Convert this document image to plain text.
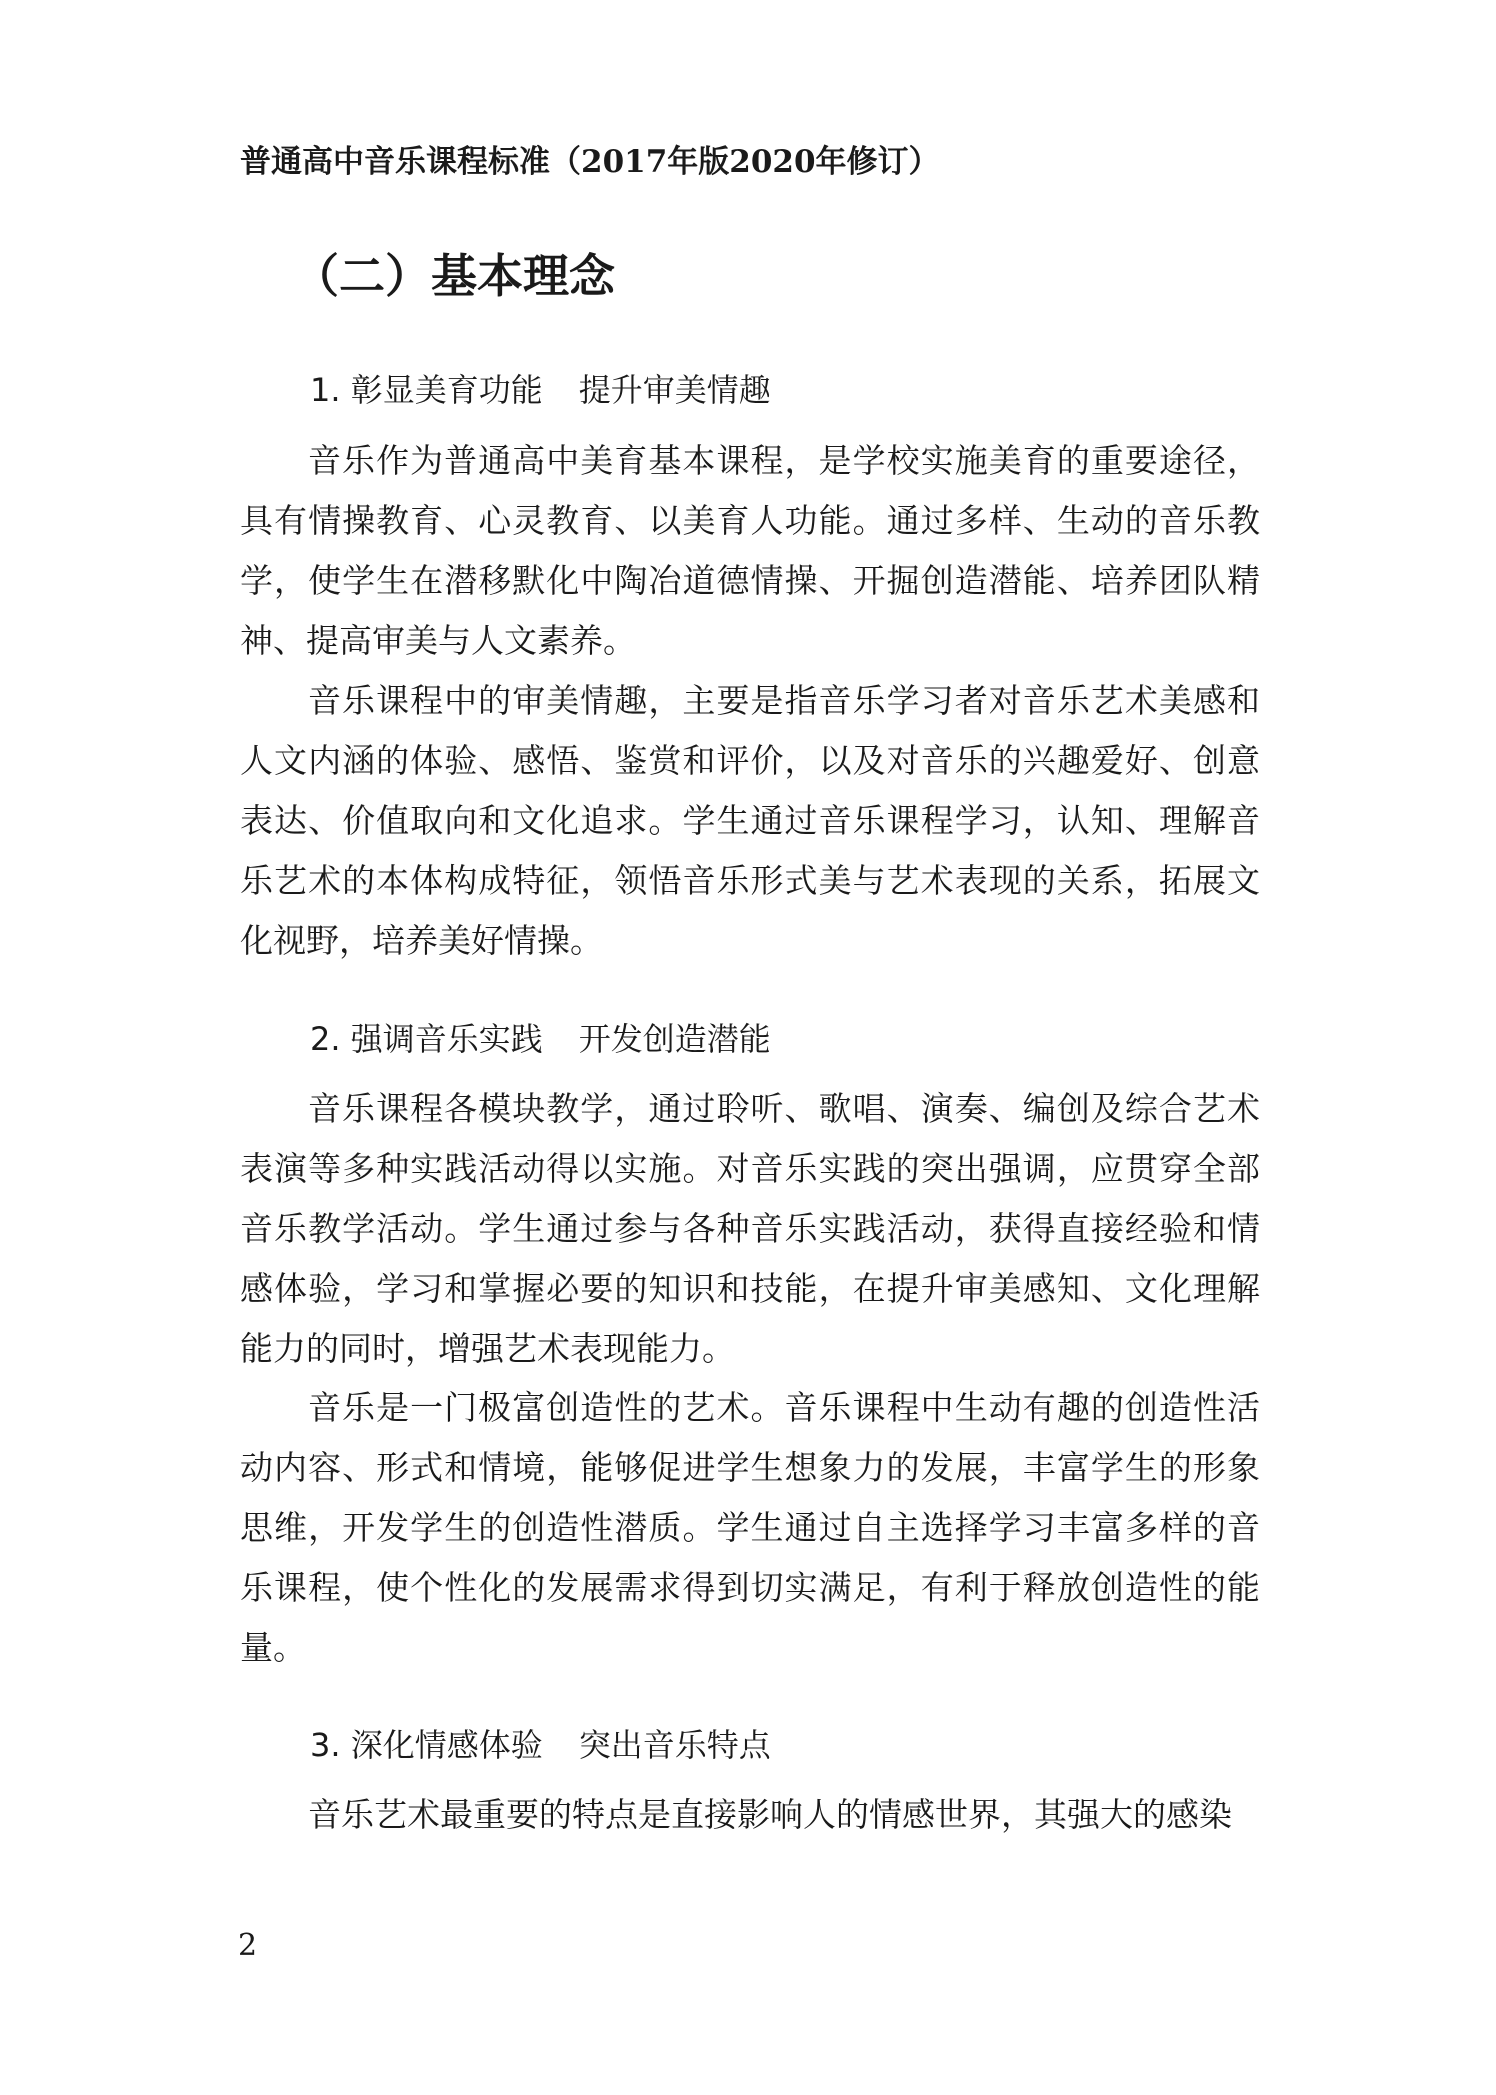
普通高中音乐课程标准（2017年版2020年修订）
（二）基本理念
1. 彰显美育功能 提升审美情趣

音乐作为普通高中美育基本课程，是学校实施美育的重要途径，具有情操教育、心灵教育、以美育人功能。通过多样、生动的音乐教学，使学生在潜移默化中陶冶道德情操、开掘创造潜能、培养团队精神、提高审美与人文素养。

音乐课程中的审美情趣，主要是指音乐学习者对音乐艺术美感和人文内涵的体验、感悟、鉴赏和评价，以及对音乐的兴趣爱好、创意表达、价值取向和文化追求。学生通过音乐课程学习，认知、理解音乐艺术的本体构成特征，领悟音乐形式美与艺术表现的关系，拓展文化视野，培养美好情操。

2. 强调音乐实践 开发创造潜能

音乐课程各模块教学，通过聆听、歌唱、演奏、编创及综合艺术表演等多种实践活动得以实施。对音乐实践的突出强调，应贯穿全部音乐教学活动。学生通过参与各种音乐实践活动，获得直接经验和情感体验，学习和掌握必要的知识和技能，在提升审美感知、文化理解能力的同时，增强艺术表现能力。

音乐是一门极富创造性的艺术。音乐课程中生动有趣的创造性活动内容、形式和情境，能够促进学生想象力的发展，丰富学生的形象思维，开发学生的创造性潜质。学生通过自主选择学习丰富多样的音乐课程，使个性化的发展需求得到切实满足，有利于释放创造性的能量。

3. 深化情感体验 突出音乐特点

音乐艺术最重要的特点是直接影响人的情感世界，其强大的感染

2
